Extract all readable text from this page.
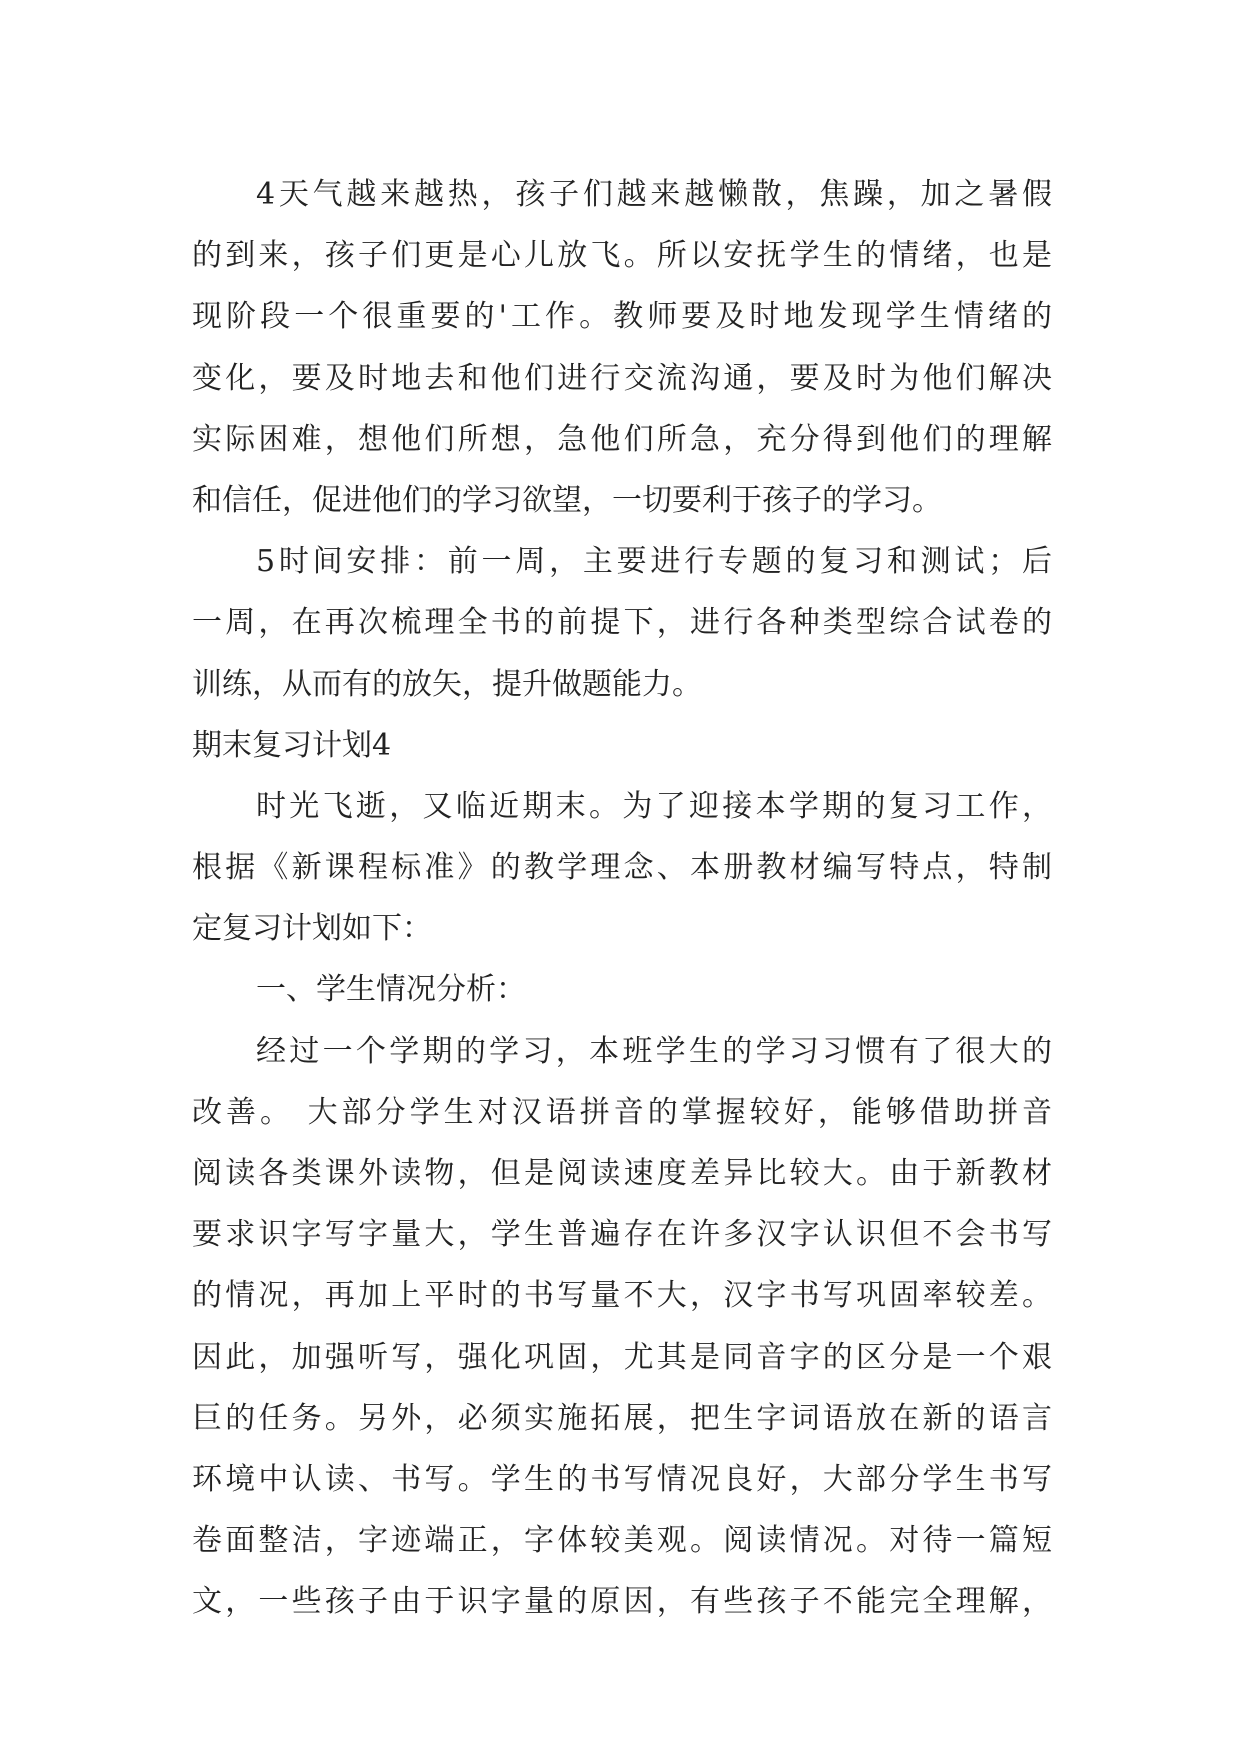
4天气越来越热，孩子们越来越懒散，焦躁，加之暑假
的到来，孩子们更是心儿放飞。所以安抚学生的情绪，也是
现阶段一个很重要的'工作。教师要及时地发现学生情绪的
变化，要及时地去和他们进行交流沟通，要及时为他们解决
实际困难，想他们所想，急他们所急，充分得到他们的理解
和信任，促进他们的学习欲望，一切要利于孩子的学习。
5时间安排：前一周，主要进行专题的复习和测试；后
一周，在再次梳理全书的前提下，进行各种类型综合试卷的
训练，从而有的放矢，提升做题能力。
期末复习计划4
时光飞逝，又临近期末。为了迎接本学期的复习工作，
根据《新课程标准》的教学理念、本册教材编写特点，特制
定复习计划如下：
一、学生情况分析：
经过一个学期的学习，本班学生的学习习惯有了很大的
改善。 大部分学生对汉语拼音的掌握较好，能够借助拼音
阅读各类课外读物，但是阅读速度差异比较大。由于新教材
要求识字写字量大，学生普遍存在许多汉字认识但不会书写
的情况，再加上平时的书写量不大，汉字书写巩固率较差。
因此，加强听写，强化巩固，尤其是同音字的区分是一个艰
巨的任务。另外，必须实施拓展，把生字词语放在新的语言
环境中认读、书写。学生的书写情况良好，大部分学生书写
卷面整洁，字迹端正，字体较美观。阅读情况。对待一篇短
文，一些孩子由于识字量的原因，有些孩子不能完全理解，
